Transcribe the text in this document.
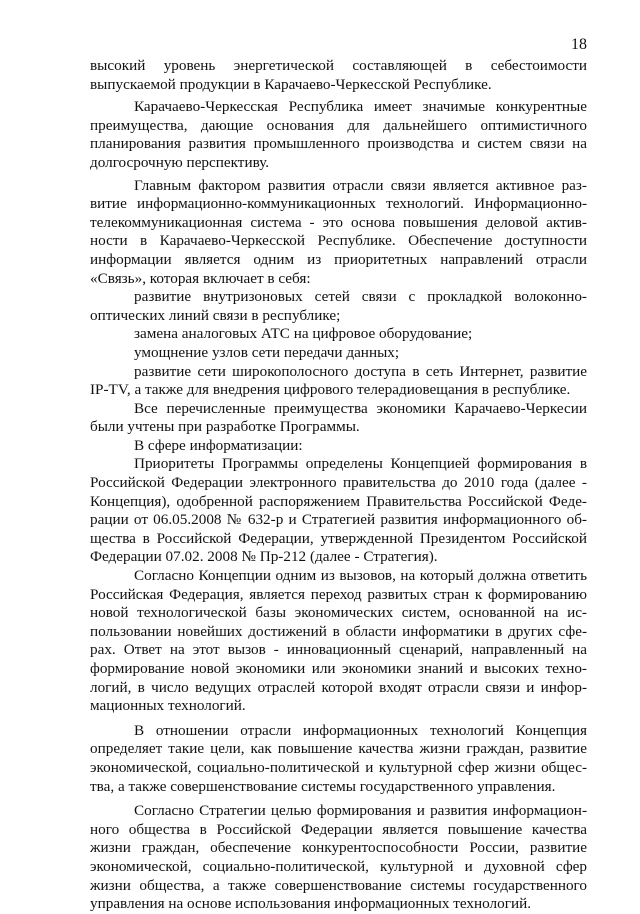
18

высокий уровень энергетической составляющей в себестоимости выпускаемой продукции в Карачаево-Черкесской Республике.

Карачаево-Черкесская Республика имеет значимые конкурентные преимущества, дающие основания для дальнейшего оптимистичного планирования развития промышленного производства и систем связи на долгосрочную перспективу.

Главным фактором развития отрасли связи является активное раз-витие информационно-коммуникационных технологий. Информационно-телекоммуникационная система - это основа повышения деловой актив-ности в Карачаево-Черкесской Республике. Обеспечение доступности информации является одним из приоритетных направлений отрасли «Связь», которая включает в себя:

развитие внутризоновых сетей связи с прокладкой волоконно-оптических линий связи в республике;

замена аналоговых АТС на цифровое оборудование;

умощнение узлов сети передачи данных;

развитие сети широкополосного доступа в сеть Интернет, развитие IP-TV, а также для внедрения цифрового телерадиовещания в республике.

Все перечисленные преимущества экономики Карачаево-Черкесии были учтены при разработке Программы.

В сфере информатизации:

Приоритеты Программы определены Концепцией формирования в Российской Федерации электронного правительства до 2010 года (далее - Концепция), одобренной распоряжением Правительства Российской Феде-рации от 06.05.2008 № 632-р и Стратегией развития информационного об-щества в Российской Федерации, утвержденной Президентом Российской Федерации 07.02. 2008 № Пр-212 (далее - Стратегия).

Согласно Концепции одним из вызовов, на который должна ответить Российская Федерация, является переход развитых стран к формированию новой технологической базы экономических систем, основанной на ис-пользовании новейших достижений в области информатики в других сфе-рах. Ответ на этот вызов - инновационный сценарий, направленный на формирование новой экономики или экономики знаний и высоких техно-логий, в число ведущих отраслей которой входят отрасли связи и инфор-мационных технологий.

В отношении отрасли информационных технологий Концепция определяет такие цели, как повышение качества жизни граждан, развитие экономической, социально-политической и культурной сфер жизни общес-тва, а также совершенствование системы государственного управления.

Согласно Стратегии целью формирования и развития информацион-ного общества в Российской Федерации является повышение качества жизни граждан, обеспечение конкурентоспособности России, развитие экономической, социально-политической, культурной и духовной сфер жизни общества, а также совершенствование системы государственного управления на основе использования информационных технологий.
